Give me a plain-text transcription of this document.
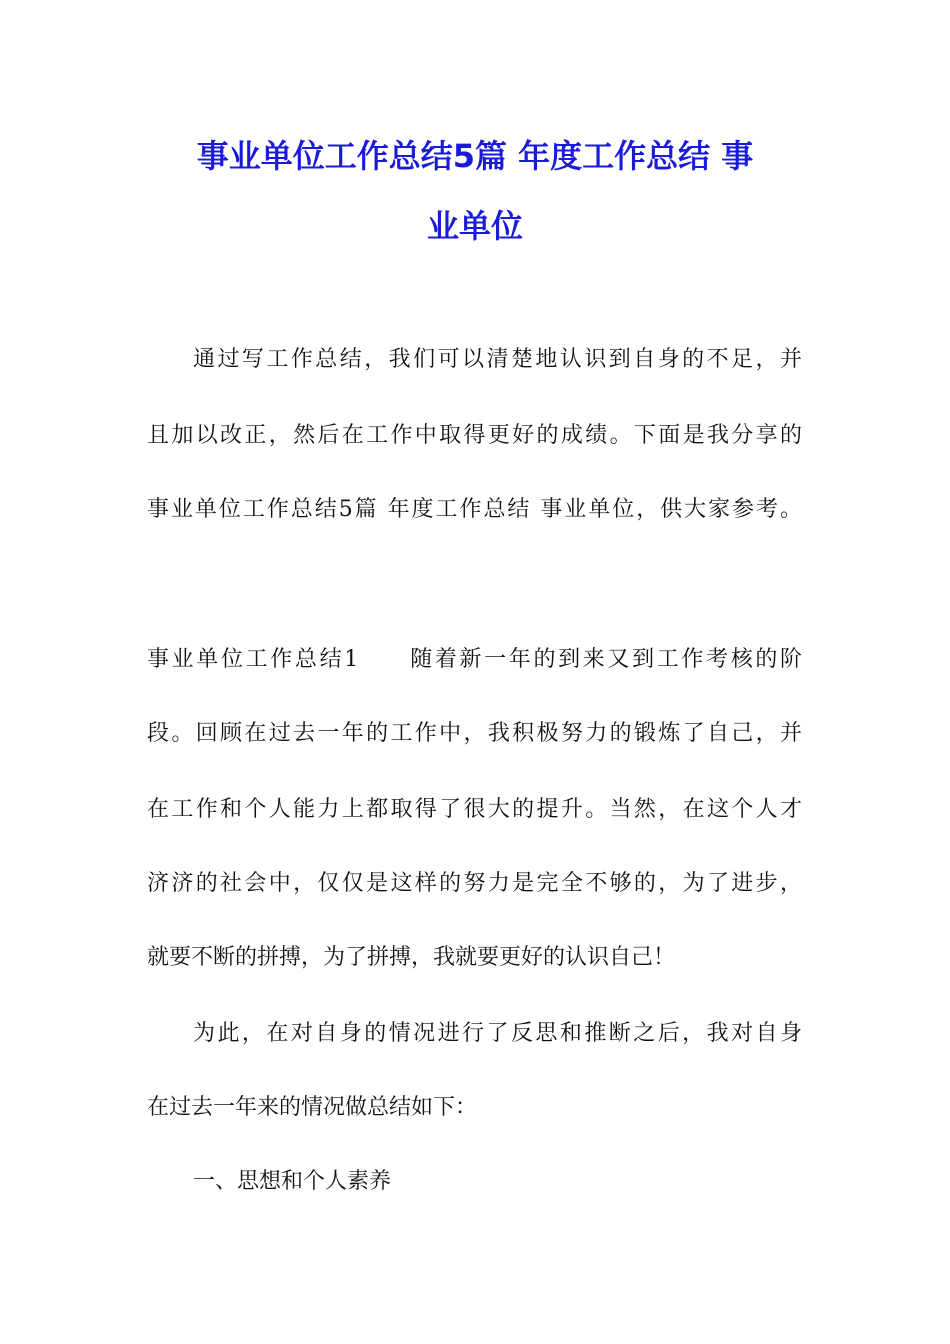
事业单位工作总结5篇 年度工作总结 事
业单位
通过写工作总结，我们可以清楚地认识到自身的不足，并
且加以改正，然后在工作中取得更好的成绩。下面是我分享的
事业单位工作总结5篇 年度工作总结 事业单位，供大家参考。
事业单位工作总结1　　随着新一年的到来又到工作考核的阶
段。回顾在过去一年的工作中，我积极努力的锻炼了自己，并
在工作和个人能力上都取得了很大的提升。当然，在这个人才
济济的社会中，仅仅是这样的努力是完全不够的，为了进步，
就要不断的拼搏，为了拼搏，我就要更好的认识自己！
为此，在对自身的情况进行了反思和推断之后，我对自身
在过去一年来的情况做总结如下：
一、思想和个人素养
